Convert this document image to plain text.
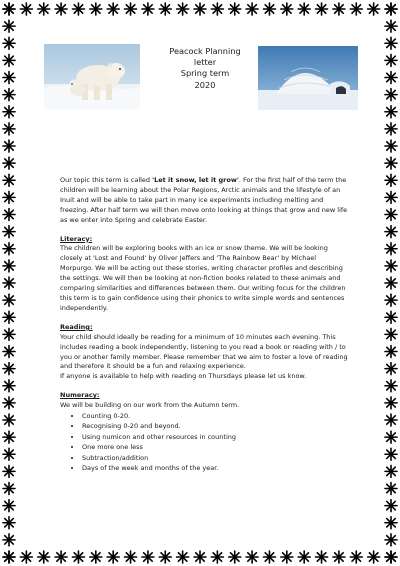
Peacock Planning
letter
Spring term
2020

Our topic this term is called 'Let it snow, let it grow'. For the first half of the term the children will be learning about the Polar Regions, Arctic animals and the lifestyle of an Inuit and will be able to take part in many ice experiments including melting and freezing. After half term we will then move onto looking at things that grow and new life as we enter into Spring and celebrate Easter.

Literacy:

The children will be exploring books with an ice or snow theme. We will be looking closely at 'Lost and Found' by Oliver Jeffers and 'The Rainbow Bear' by Michael Morpurgo. We will be acting out these stories, writing character profiles and describing the settings. We will then be looking at non-fiction books related to these animals and comparing similarities and differences between them. Our writing focus for the children this term is to gain confidence using their phonics to write simple words and sentences independently.

Reading:

Your child should ideally be reading for a minimum of 10 minutes each evening. This includes reading a book independently, listening to you read a book or reading with / to you or another family member. Please remember that we aim to foster a love of reading and therefore it should be a fun and relaxing experience.

If anyone is available to help with reading on Thursdays please let us know.

Numeracy:

We will be building on our work from the Autumn term.

• Counting 0-20.
• Recognising 0-20 and beyond.
• Using numicon and other resources in counting
• One more one less
• Subtraction/addition
• Days of the week and months of the year.
